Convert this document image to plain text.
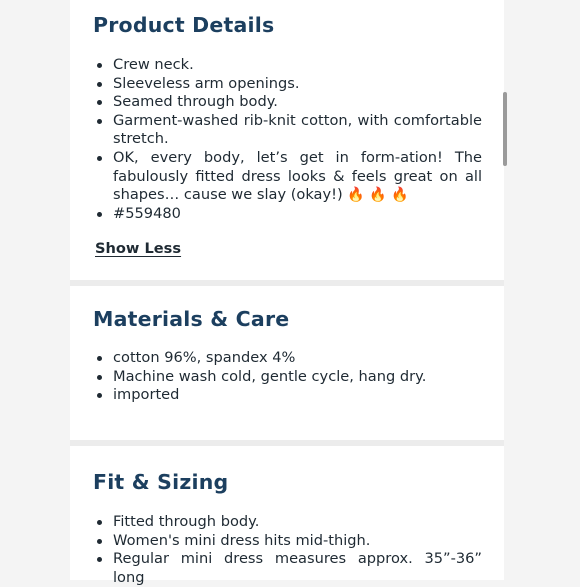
Product Details
Crew neck.
Sleeveless arm openings.
Seamed through body.
Garment-washed rib-knit cotton, with comfortable stretch.
OK, every body, let’s get in form-ation! The fabulously fitted dress looks & feels great on all shapes… cause we slay (okay!) 🔥 🔥 🔥
#559480
Show Less
Materials & Care
cotton 96%, spandex 4%
Machine wash cold, gentle cycle, hang dry.
imported
Fit & Sizing
Fitted through body.
Women's mini dress hits mid-thigh.
Regular mini dress measures approx. 35”-36” long
